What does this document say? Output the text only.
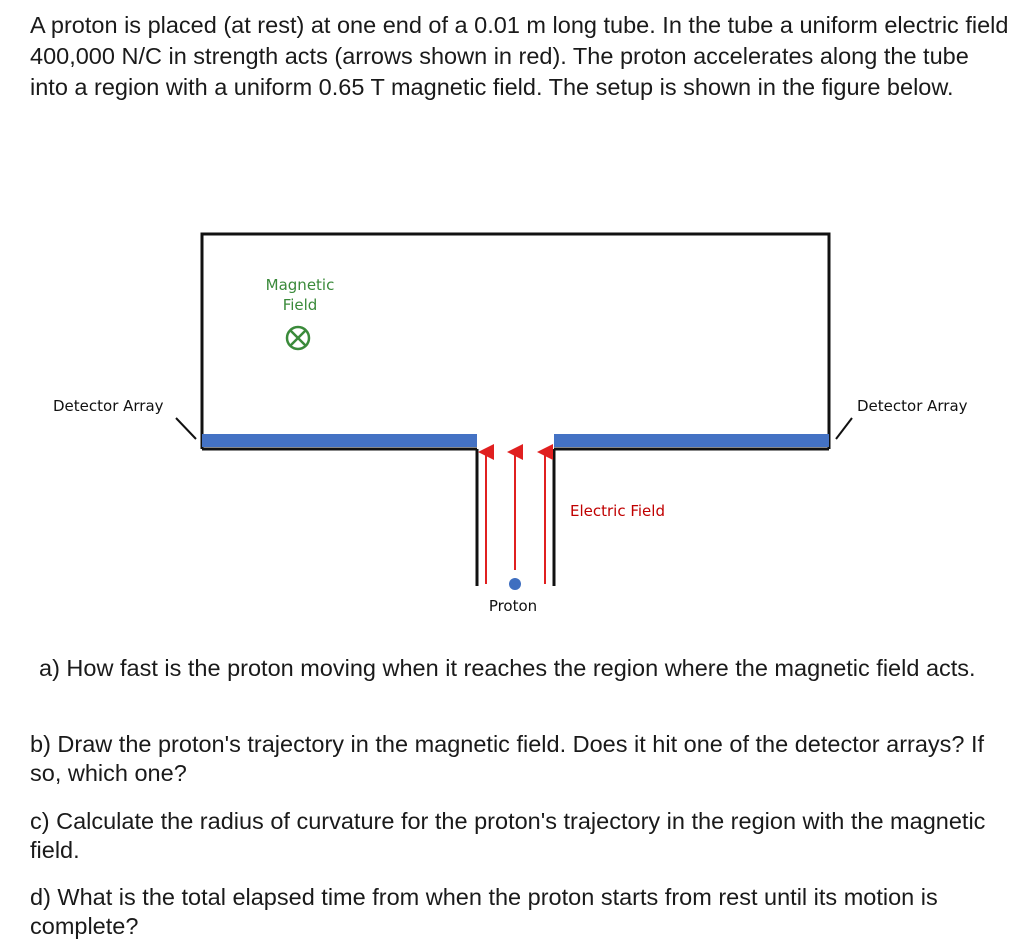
A proton is placed (at rest) at one end of a 0.01 m long tube. In the tube a uniform electric field 400,000 N/C in strength acts (arrows shown in red). The proton accelerates along the tube into a region with a uniform 0.65 T magnetic field. The setup is shown in the figure below.

Magnetic
Field
Detector Array	Detector Array
Electric Field
Proton

a) How fast is the proton moving when it reaches the region where the magnetic field acts.

b) Draw the proton's trajectory in the magnetic field. Does it hit one of the detector arrays? If so, which one?

c) Calculate the radius of curvature for the proton's trajectory in the region with the magnetic field.

d) What is the total elapsed time from when the proton starts from rest until its motion is complete?
